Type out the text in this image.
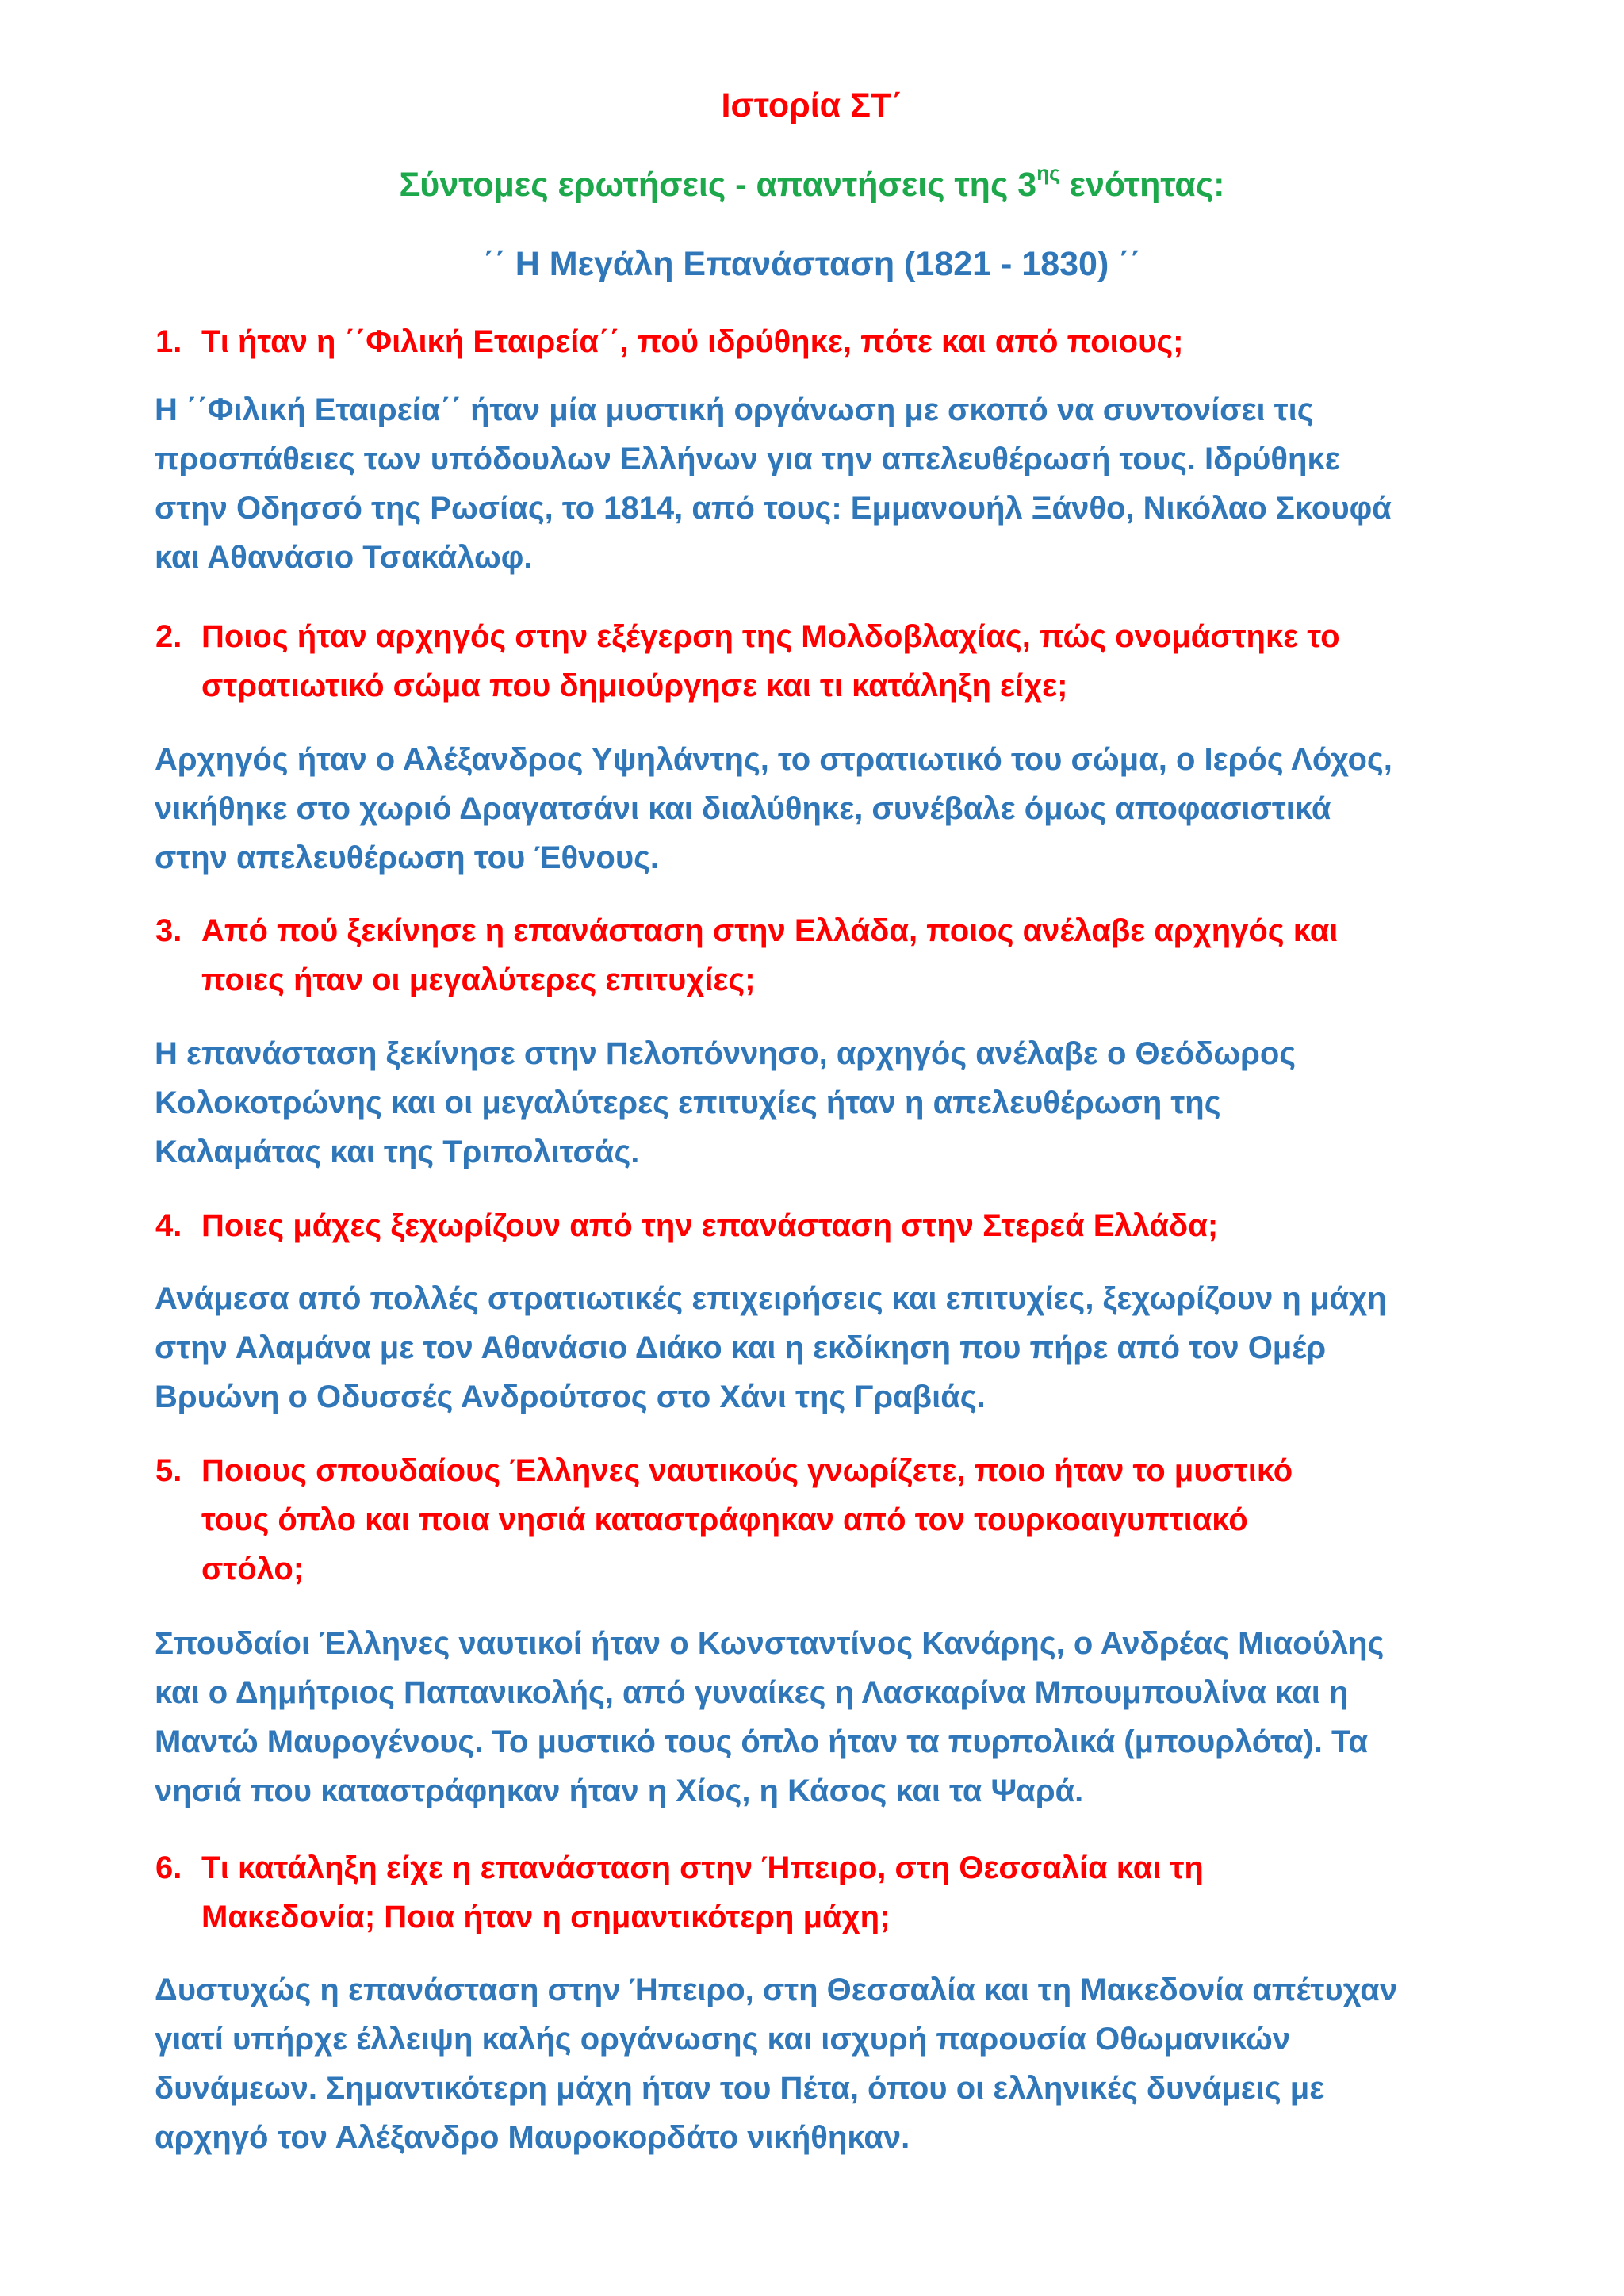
Ιστορία ΣΤ΄
Σύντομες ερωτήσεις - απαντήσεις της $3^{\eta\varsigma}$ ενότητας:
΄΄ Η Μεγάλη Επανάσταση (1821 - 1830) ΄΄
1. Τι ήταν η ΄΄Φιλική Εταιρεία΄΄, πού ιδρύθηκε, πότε και από ποιους;
Η ΄΄Φιλική Εταιρεία΄΄ ήταν μία μυστική οργάνωση με σκοπό να συντονίσει τις
προσπάθειες των υπόδουλων Ελλήνων για την απελευθέρωσή τους. Ιδρύθηκε
στην Οδησσό της Ρωσίας, το 1814, από τους: Εμμανουήλ Ξάνθο, Νικόλαο Σκουφά
και Αθανάσιο Τσακάλωφ.
2. Ποιος ήταν αρχηγός στην εξέγερση της Μολδοβλαχίας, πώς ονομάστηκε το
στρατιωτικό σώμα που δημιούργησε και τι κατάληξη είχε;
Αρχηγός ήταν ο Αλέξανδρος Υψηλάντης, το στρατιωτικό του σώμα, ο Ιερός Λόχος,
νικήθηκε στο χωριό Δραγατσάνι και διαλύθηκε, συνέβαλε όμως αποφασιστικά
στην απελευθέρωση του Έθνους.
3. Από πού ξεκίνησε η επανάσταση στην Ελλάδα, ποιος ανέλαβε αρχηγός και
ποιες ήταν οι μεγαλύτερες επιτυχίες;
Η επανάσταση ξεκίνησε στην Πελοπόννησο, αρχηγός ανέλαβε ο Θεόδωρος
Κολοκοτρώνης και οι μεγαλύτερες επιτυχίες ήταν η απελευθέρωση της
Καλαμάτας και της Τριπολιτσάς.
4. Ποιες μάχες ξεχωρίζουν από την επανάσταση στην Στερεά Ελλάδα;
Ανάμεσα από πολλές στρατιωτικές επιχειρήσεις και επιτυχίες, ξεχωρίζουν η μάχη
στην Αλαμάνα με τον Αθανάσιο Διάκο και η εκδίκηση που πήρε από τον Ομέρ
Βρυώνη ο Οδυσσές Ανδρούτσος στο Χάνι της Γραβιάς.
5. Ποιους σπουδαίους Έλληνες ναυτικούς γνωρίζετε, ποιο ήταν το μυστικό
τους όπλο και ποια νησιά καταστράφηκαν από τον τουρκοαιγυπτιακό
στόλο;
Σπουδαίοι Έλληνες ναυτικοί ήταν ο Κωνσταντίνος Κανάρης, ο Ανδρέας Μιαούλης
και ο Δημήτριος Παπανικολής, από γυναίκες η Λασκαρίνα Μπουμπουλίνα και η
Μαντώ Μαυρογένους. Το μυστικό τους όπλο ήταν τα πυρπολικά (μπουρλότα). Τα
νησιά που καταστράφηκαν ήταν η Χίος, η Κάσος και τα Ψαρά.
6. Τι κατάληξη είχε η επανάσταση στην Ήπειρο, στη Θεσσαλία και τη
Μακεδονία; Ποια ήταν η σημαντικότερη μάχη;
Δυστυχώς η επανάσταση στην Ήπειρο, στη Θεσσαλία και τη Μακεδονία απέτυχαν
γιατί υπήρχε έλλειψη καλής οργάνωσης και ισχυρή παρουσία Οθωμανικών
δυνάμεων. Σημαντικότερη μάχη ήταν του Πέτα, όπου οι ελληνικές δυνάμεις με
αρχηγό τον Αλέξανδρο Μαυροκορδάτο νικήθηκαν.
